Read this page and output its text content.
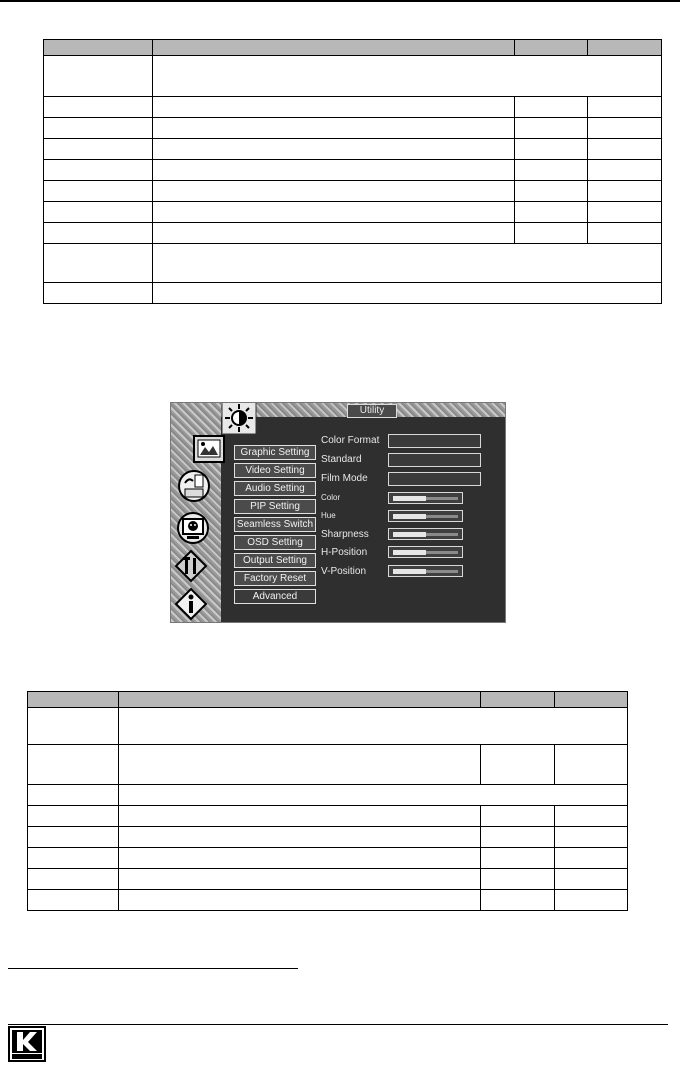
Utility
Graphic Setting
Video Setting
Audio Setting
PIP Setting
Seamless Switch
OSD Setting
Output Setting
Factory Reset
Advanced
Color Format
Standard
Film Mode
Color
Hue
Sharpness
H-Position
V-Position
